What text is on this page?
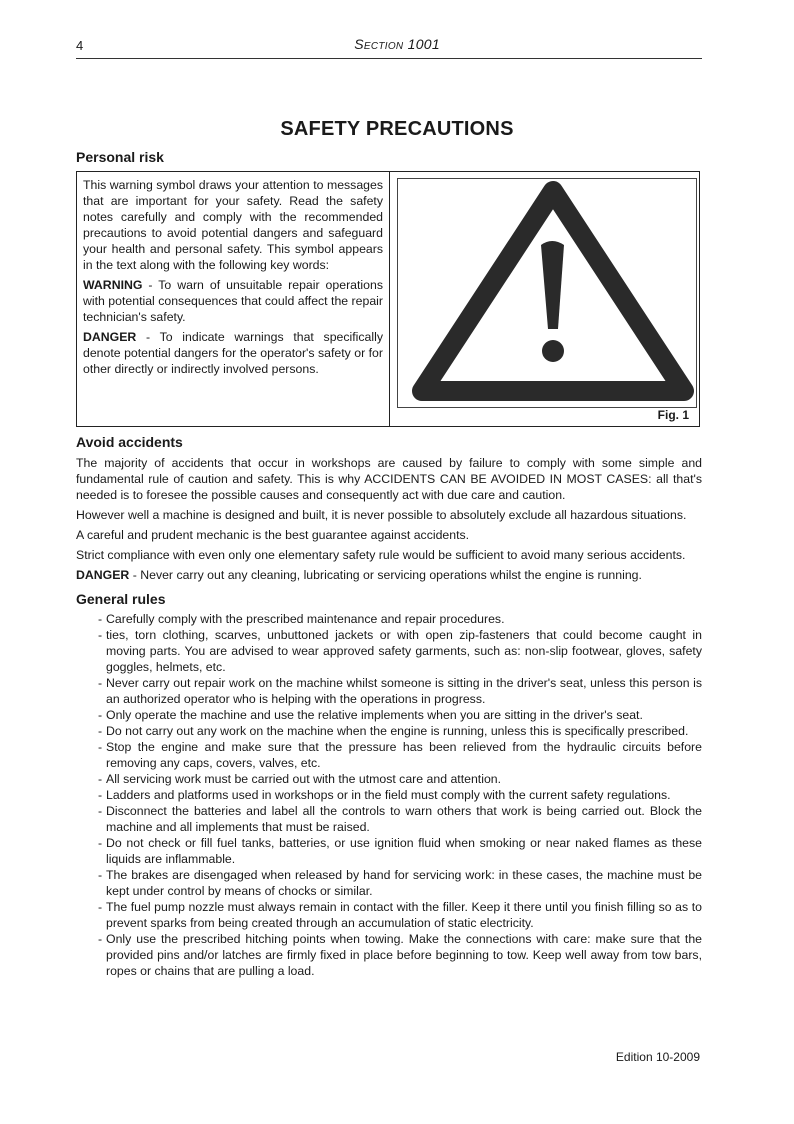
4	Section 1001
SAFETY PRECAUTIONS
Personal risk

This warning symbol draws your attention to messages that are important for your safety. Read the safety notes carefully and comply with the recommended precautions to avoid potential dangers and safeguard your health and personal safety. This symbol appears in the text along with the following key words:

WARNING - To warn of unsuitable repair operations with potential consequences that could affect the repair technician's safety.

DANGER - To indicate warnings that specifically denote potential dangers for the operator's safety or for other directly or indirectly involved persons.

Fig. 1
Avoid accidents

The majority of accidents that occur in workshops are caused by failure to comply with some simple and fundamental rule of caution and safety. This is why ACCIDENTS CAN BE AVOIDED IN MOST CASES: all that's needed is to foresee the possible causes and consequently act with due care and caution.

However well a machine is designed and built, it is never possible to absolutely exclude all hazardous situations.

A careful and prudent mechanic is the best guarantee against accidents.

Strict compliance with even only one elementary safety rule would be sufficient to avoid many serious accidents.

DANGER - Never carry out any cleaning, lubricating or servicing operations whilst the engine is running.

General rules
- Carefully comply with the prescribed maintenance and repair procedures.
- ties, torn clothing, scarves, unbuttoned jackets or with open zip-fasteners that could become caught in moving parts. You are advised to wear approved safety garments, such as: non-slip footwear, gloves, safety goggles, helmets, etc.
- Never carry out repair work on the machine whilst someone is sitting in the driver's seat, unless this person is an authorized operator who is helping with the operations in progress.
- Only operate the machine and use the relative implements when you are sitting in the driver's seat.
- Do not carry out any work on the machine when the engine is running, unless this is specifically prescribed.
- Stop the engine and make sure that the pressure has been relieved from the hydraulic circuits before removing any caps, covers, valves, etc.
- All servicing work must be carried out with the utmost care and attention.
- Ladders and platforms used in workshops or in the field must comply with the current safety regulations.
- Disconnect the batteries and label all the controls to warn others that work is being carried out. Block the machine and all implements that must be raised.
- Do not check or fill fuel tanks, batteries, or use ignition fluid when smoking or near naked flames as these liquids are inflammable.
- The brakes are disengaged when released by hand for servicing work: in these cases, the machine must be kept under control by means of chocks or similar.
- The fuel pump nozzle must always remain in contact with the filler. Keep it there until you finish filling so as to prevent sparks from being created through an accumulation of static electricity.
- Only use the prescribed hitching points when towing. Make the connections with care: make sure that the provided pins and/or latches are firmly fixed in place before beginning to tow. Keep well away from tow bars, ropes or chains that are pulling a load.
Edition 10-2009
